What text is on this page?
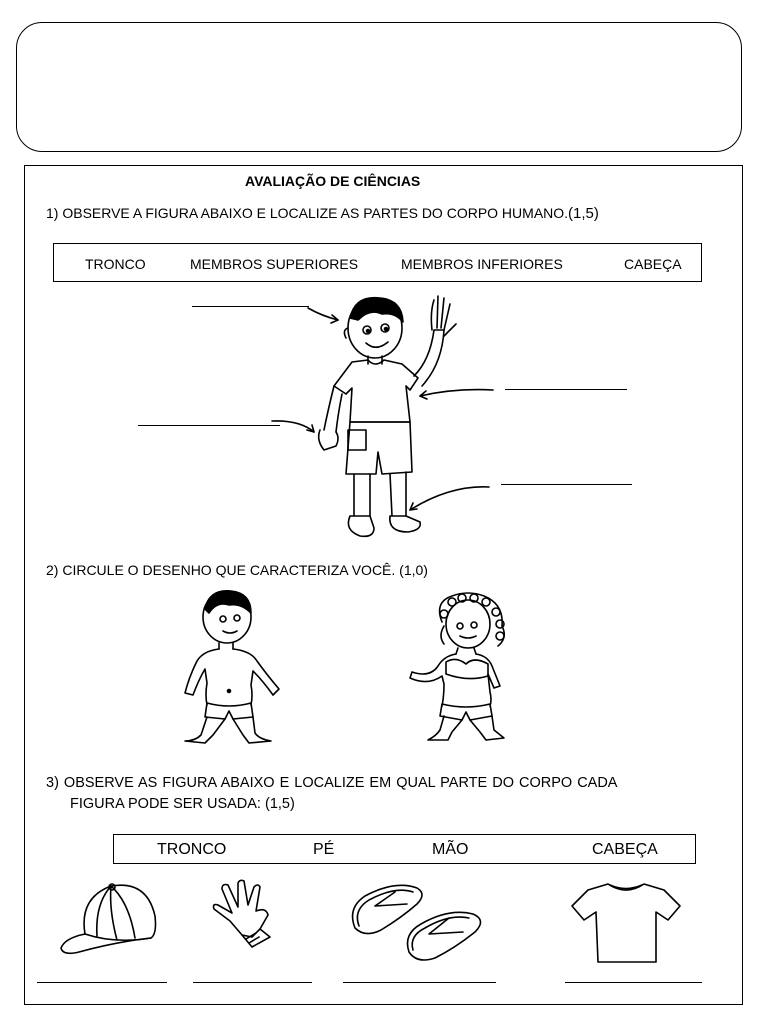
AVALIAÇÃO DE CIÊNCIAS
1) OBSERVE A FIGURA ABAIXO E LOCALIZE AS PARTES DO CORPO HUMANO.(1,5)
TRONCO	MEMBROS SUPERIORES	MEMBROS INFERIORES	CABEÇA
2) CIRCULE O DESENHO QUE CARACTERIZA VOCÊ. (1,0)
3) OBSERVE AS FIGURA ABAIXO E LOCALIZE EM QUAL PARTE DO CORPO CADA
FIGURA PODE SER USADA: (1,5)
TRONCO	PÉ	MÃO	CABEÇA
